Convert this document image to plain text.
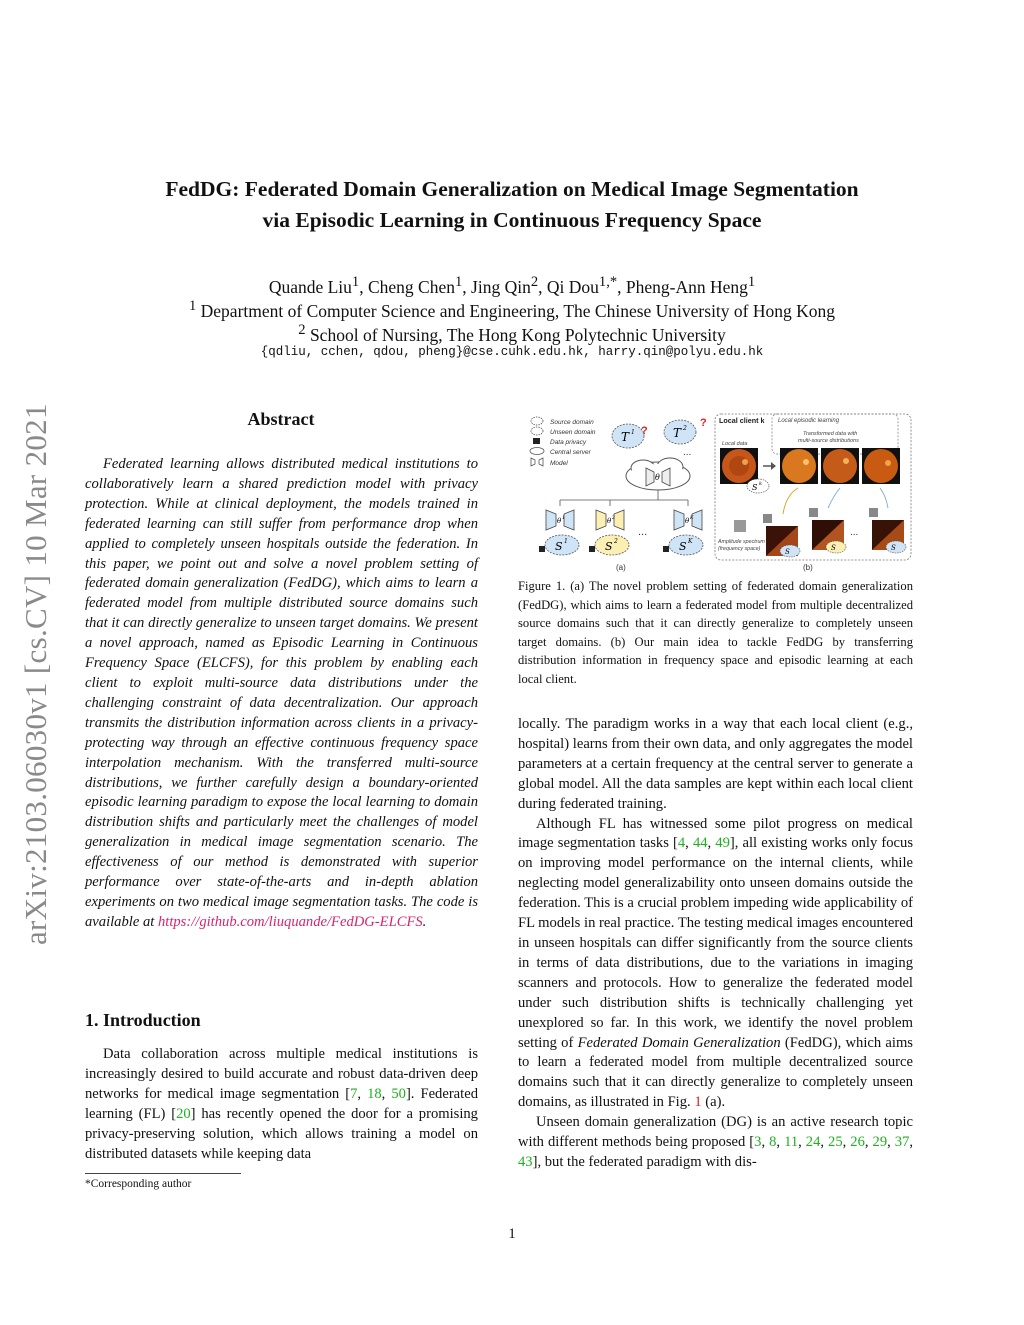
arXiv:2103.06030v1 [cs.CV] 10 Mar 2021
FedDG: Federated Domain Generalization on Medical Image Segmentation
via Episodic Learning in Continuous Frequency Space
Quande Liu$^1$, Cheng Chen$^1$, Jing Qin$^2$, Qi Dou$^{1,*}$, Pheng-Ann Heng$^1$
$^1$ Department of Computer Science and Engineering, The Chinese University of Hong Kong
$^2$ School of Nursing, The Hong Kong Polytechnic University
{qdliu, cchen, qdou, pheng}@cse.cuhk.edu.hk, harry.qin@polyu.edu.hk
Abstract
Federated learning allows distributed medical institutions to collaboratively learn a shared prediction model with privacy protection. While at clinical deployment, the models trained in federated learning can still suffer from performance drop when applied to completely unseen hospitals outside the federation. In this paper, we point out and solve a novel problem setting of federated domain generalization (FedDG), which aims to learn a federated model from multiple distributed source domains such that it can directly generalize to unseen target domains. We present a novel approach, named as Episodic Learning in Continuous Frequency Space (ELCFS), for this problem by enabling each client to exploit multi-source data distributions under the challenging constraint of data decentralization. Our approach transmits the distribution information across clients in a privacy-protecting way through an effective continuous frequency space interpolation mechanism. With the transferred multi-source distributions, we further carefully design a boundary-oriented episodic learning paradigm to expose the local learning to domain distribution shifts and particularly meet the challenges of model generalization in medical image segmentation scenario. The effectiveness of our method is demonstrated with superior performance over state-of-the-arts and in-depth ablation experiments on two medical image segmentation tasks. The code is available at https://github.com/liuquande/FedDG-ELCFS.
1. Introduction
Data collaboration across multiple medical institutions is increasingly desired to build accurate and robust data-driven deep networks for medical image segmentation [7, 18, 50]. Federated learning (FL) [20] has recently opened the door for a promising privacy-preserving solution, which allows training a model on distributed datasets while keeping data
*Corresponding author
Source domain
Unseen domain
Data privacy
Central server
Model
T 1 ? T 2 ?
...
θ
θ 1
S 1
θ 2
S 2
...
θ K
S K
(a)
Local client k Local episodic learning
Local data
Transformed data with
multi-source distributions
S k
Amplitude spectrum
(frequency space)	S	S
...
S
(b)
Figure 1. (a) The novel problem setting of federated domain generalization (FedDG), which aims to learn a federated model from multiple decentralized source domains such that it can directly generalize to completely unseen target domains. (b) Our main idea to tackle FedDG by transferring distribution information in frequency space and episodic learning at each local client.

locally. The paradigm works in a way that each local client (e.g., hospital) learns from their own data, and only aggregates the model parameters at a certain frequency at the central server to generate a global model. All the data samples are kept within each local client during federated training.

Although FL has witnessed some pilot progress on medical image segmentation tasks [4, 44, 49], all existing works only focus on improving model performance on the internal clients, while neglecting model generalizability onto unseen domains outside the federation. This is a crucial problem impeding wide applicability of FL models in real practice. The testing medical images encountered in unseen hospitals can differ significantly from the source clients in terms of data distributions, due to the variations in imaging scanners and protocols. How to generalize the federated model under such distribution shifts is technically challenging yet unexplored so far. In this work, we identify the novel problem setting of Federated Domain Generalization (FedDG), which aims to learn a federated model from multiple decentralized source domains such that it can directly generalize to completely unseen domains, as illustrated in Fig. 1 (a).

Unseen domain generalization (DG) is an active research topic with different methods being proposed [3, 8, 11, 24, 25, 26, 29, 37, 43], but the federated paradigm with dis-

1
